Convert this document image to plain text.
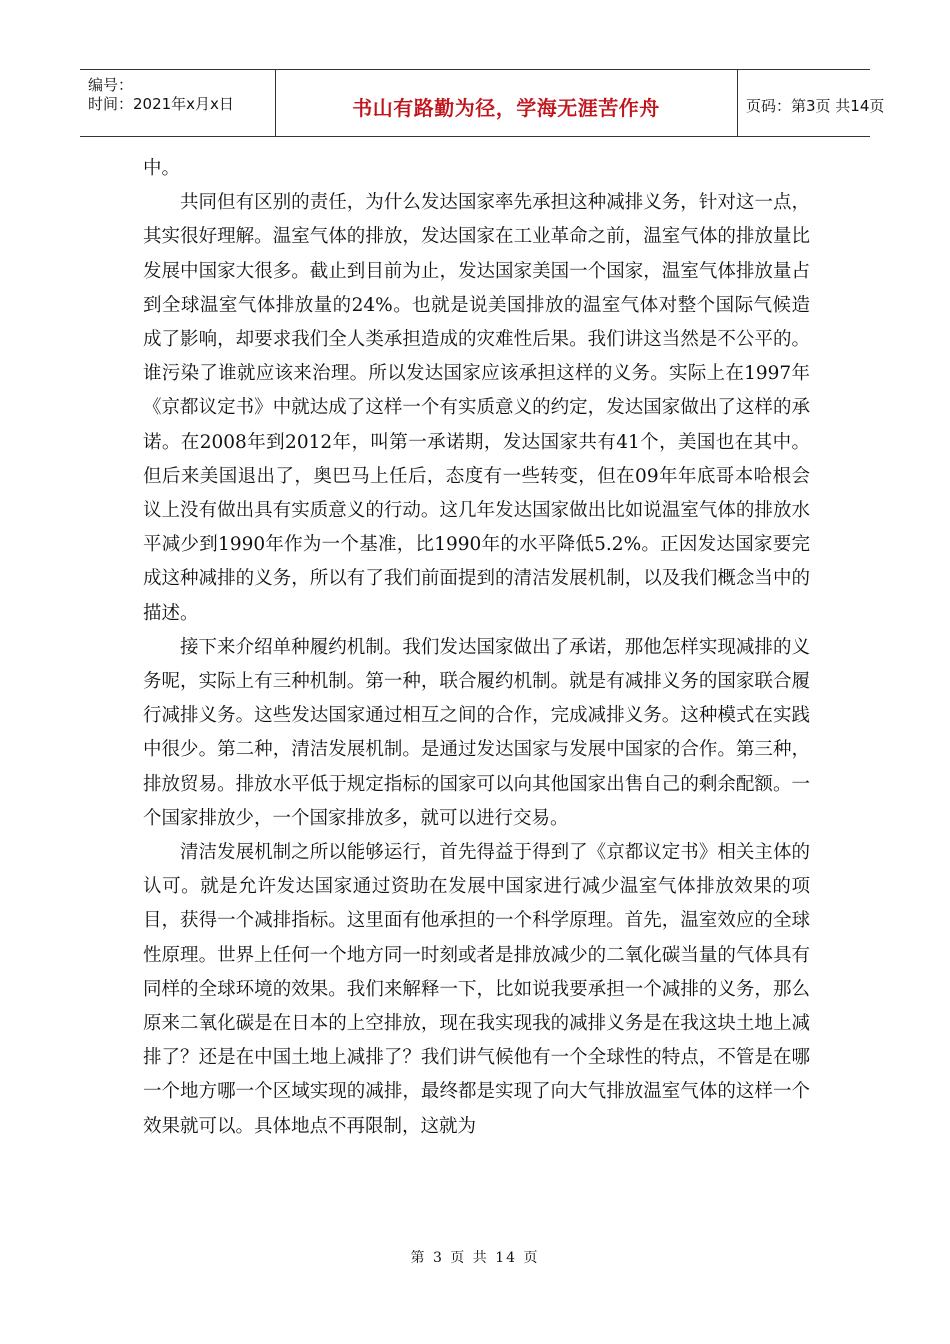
编号：
时间：2021年x月x日	书山有路勤为径，学海无涯苦作舟	页码：第3页 共14页

中。

共同但有区别的责任，为什么发达国家率先承担这种减排义务，针对这一点，其实很好理解。温室气体的排放，发达国家在工业革命之前，温室气体的排放量比发展中国家大很多。截止到目前为止，发达国家美国一个国家，温室气体排放量占到全球温室气体排放量的24%。也就是说美国排放的温室气体对整个国际气候造成了影响，却要求我们全人类承担造成的灾难性后果。我们讲这当然是不公平的。谁污染了谁就应该来治理。所以发达国家应该承担这样的义务。实际上在1997年《京都议定书》中就达成了这样一个有实质意义的约定，发达国家做出了这样的承诺。在2008年到2012年，叫第一承诺期，发达国家共有41个，美国也在其中。但后来美国退出了，奥巴马上任后，态度有一些转变，但在09年年底哥本哈根会议上没有做出具有实质意义的行动。这几年发达国家做出比如说温室气体的排放水平减少到1990年作为一个基准，比1990年的水平降低5.2%。正因发达国家要完成这种减排的义务，所以有了我们前面提到的清洁发展机制，以及我们概念当中的描述。

接下来介绍单种履约机制。我们发达国家做出了承诺，那他怎样实现减排的义务呢，实际上有三种机制。第一种，联合履约机制。就是有减排义务的国家联合履行减排义务。这些发达国家通过相互之间的合作，完成减排义务。这种模式在实践中很少。第二种，清洁发展机制。是通过发达国家与发展中国家的合作。第三种，排放贸易。排放水平低于规定指标的国家可以向其他国家出售自己的剩余配额。一个国家排放少，一个国家排放多，就可以进行交易。

清洁发展机制之所以能够运行，首先得益于得到了《京都议定书》相关主体的认可。就是允许发达国家通过资助在发展中国家进行减少温室气体排放效果的项目，获得一个减排指标。这里面有他承担的一个科学原理。首先，温室效应的全球性原理。世界上任何一个地方同一时刻或者是排放减少的二氧化碳当量的气体具有同样的全球环境的效果。我们来解释一下，比如说我要承担一个减排的义务，那么原来二氧化碳是在日本的上空排放，现在我实现我的减排义务是在我这块土地上减排了？还是在中国土地上减排了？我们讲气候他有一个全球性的特点，不管是在哪一个地方哪一个区域实现的减排，最终都是实现了向大气排放温室气体的这样一个效果就可以。具体地点不再限制，这就为

第 3 页 共 14 页
